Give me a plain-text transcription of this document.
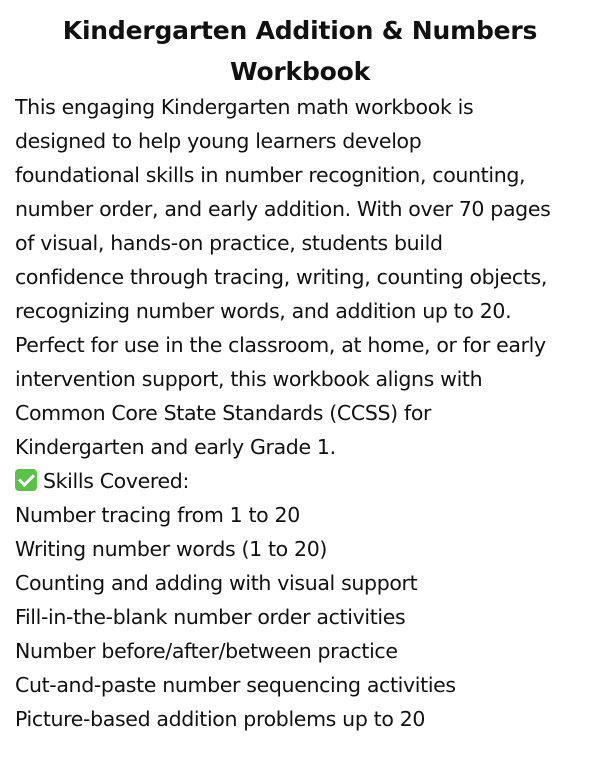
Kindergarten Addition & Numbers
Workbook
This engaging Kindergarten math workbook is
designed to help young learners develop
foundational skills in number recognition, counting,
number order, and early addition. With over 70 pages
of visual, hands-on practice, students build
confidence through tracing, writing, counting objects,
recognizing number words, and addition up to 20.
Perfect for use in the classroom, at home, or for early
intervention support, this workbook aligns with
Common Core State Standards (CCSS) for
Kindergarten and early Grade 1.
Skills Covered:
Number tracing from 1 to 20
Writing number words (1 to 20)
Counting and adding with visual support
Fill-in-the-blank number order activities
Number before/after/between practice
Cut-and-paste number sequencing activities
Picture-based addition problems up to 20
